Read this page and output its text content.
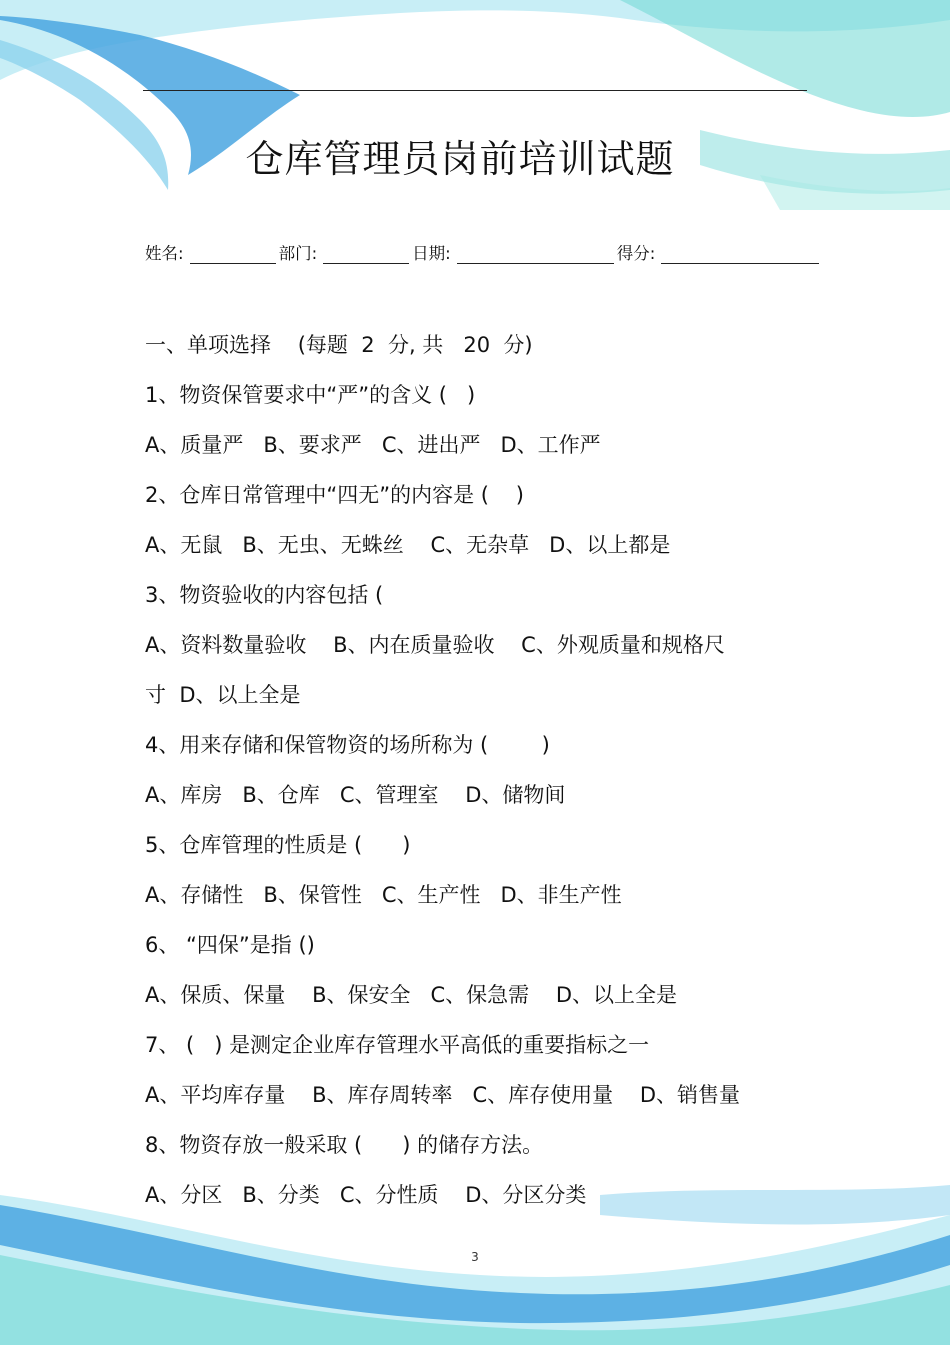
仓库管理员岗前培训试题
姓名:	部门:	日期:	得分:
一、单项选择    (每题  2  分, 共   20  分)
1、物资保管要求中“严”的含义 (   )
A、质量严   B、要求严   C、进出严   D、工作严
2、仓库日常管理中“四无”的内容是 (    )
A、无鼠   B、无虫、无蛛丝    C、无杂草   D、以上都是
3、物资验收的内容包括 (
A、资料数量验收    B、内在质量验收    C、外观质量和规格尺
寸  D、以上全是
4、用来存储和保管物资的场所称为 (        )
A、库房   B、仓库   C、管理室    D、储物间
5、仓库管理的性质是 (      )
A、存储性   B、保管性   C、生产性   D、非生产性
6、 “四保”是指 ()
A、保质、保量    B、保安全   C、保急需    D、以上全是
7、 (   ) 是测定企业库存管理水平高低的重要指标之一
A、平均库存量    B、库存周转率   C、库存使用量    D、销售量
8、物资存放一般采取 (      ) 的储存方法。
A、分区   B、分类   C、分性质    D、分区分类
3
